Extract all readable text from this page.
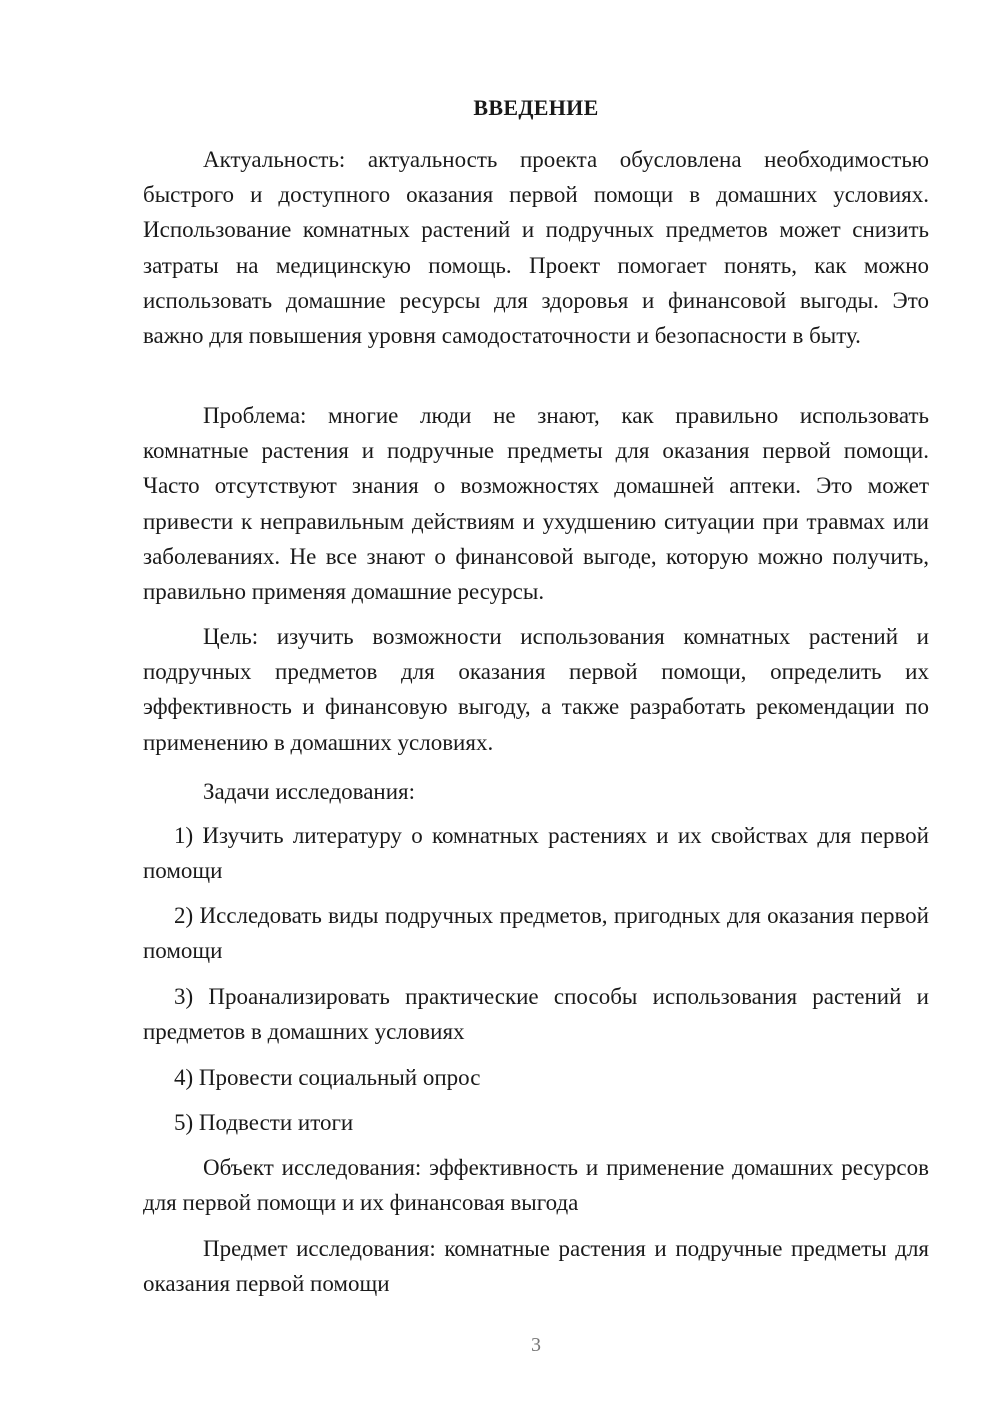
ВВЕДЕНИЕ

Актуальность: актуальность проекта обусловлена необходимостью быстрого и доступного оказания первой помощи в домашних условиях. Использование комнатных растений и подручных предметов может снизить затраты на медицинскую помощь. Проект помогает понять, как можно использовать домашние ресурсы для здоровья и финансовой выгоды. Это важно для повышения уровня самодостаточности и безопасности в быту.

Проблема: многие люди не знают, как правильно использовать комнатные растения и подручные предметы для оказания первой помощи. Часто отсутствуют знания о возможностях домашней аптеки. Это может привести к неправильным действиям и ухудшению ситуации при травмах или заболеваниях. Не все знают о финансовой выгоде, которую можно получить, правильно применяя домашние ресурсы.

Цель: изучить возможности использования комнатных растений и подручных предметов для оказания первой помощи, определить их эффективность и финансовую выгоду, а также разработать рекомендации по применению в домашних условиях.

Задачи исследования:

1) Изучить литературу о комнатных растениях и их свойствах для первой помощи

2) Исследовать виды подручных предметов, пригодных для оказания первой помощи

3) Проанализировать практические способы использования растений и предметов в домашних условиях

4) Провести социальный опрос

5) Подвести итоги

Объект исследования: эффективность и применение домашних ресурсов для первой помощи и их финансовая выгода

Предмет исследования: комнатные растения и подручные предметы для оказания первой помощи

3
